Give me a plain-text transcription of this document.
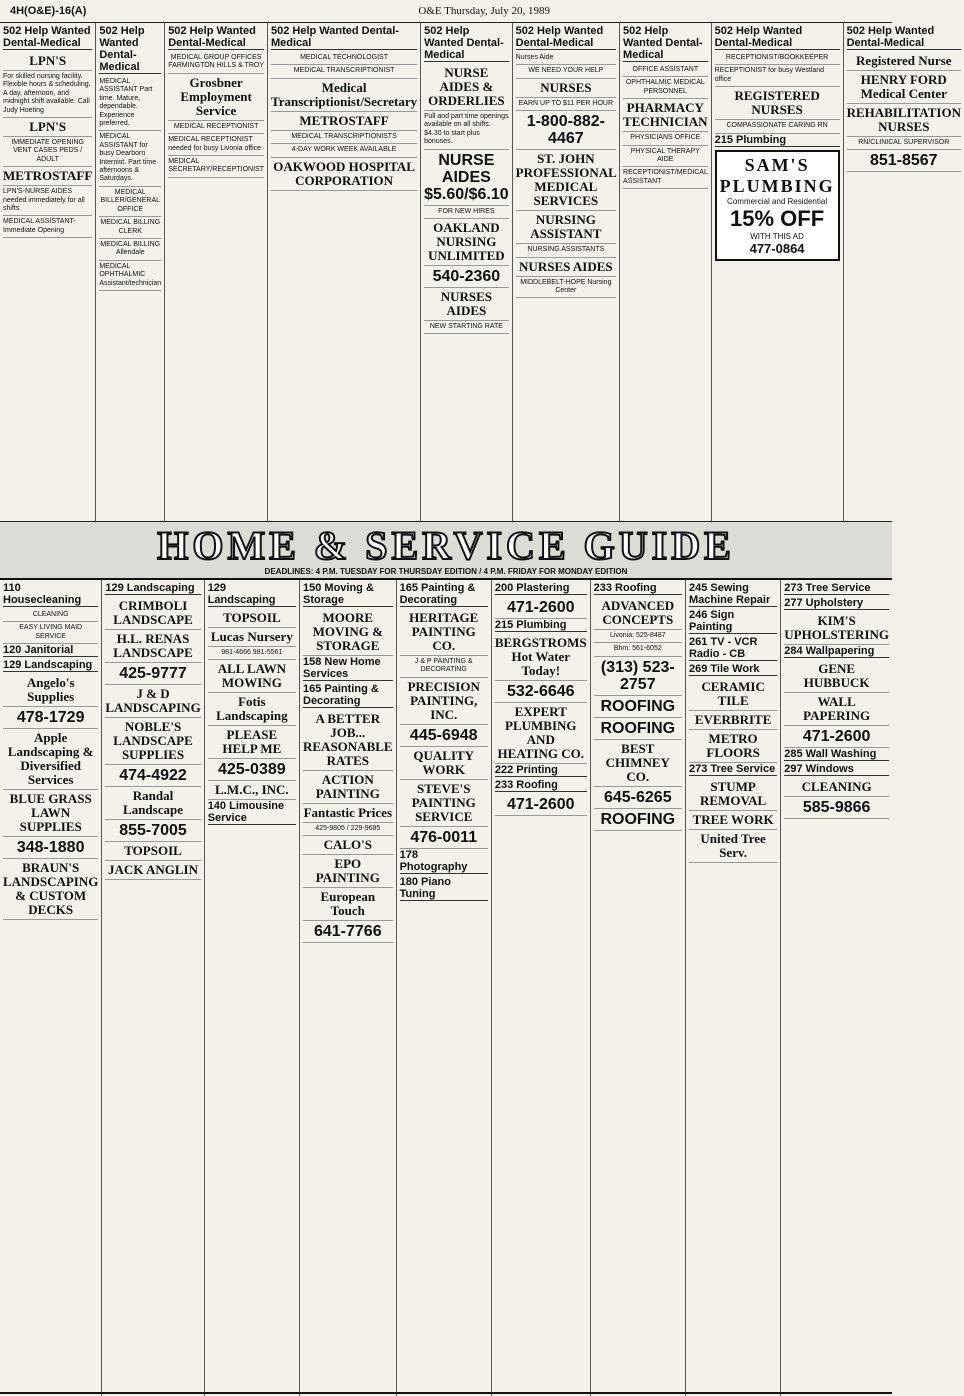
4H(O&E)-16(A)	O&E Thursday, July 20, 1989
502 Help Wanted Dental-Medical
LPN'S
For skilled nursing facility. Flexible hours & scheduling. A day, afternoon, and midnight shift available. Call Judy Hoeting
LPN'S
IMMEDIATE OPENING VENT CASES PEDS / ADULT
METROSTAFF
LPN'S-NURSE AIDES needed immediately for all shifts
MEDICAL ASSISTANT-Immediate Opening
502 Help Wanted Dental-Medical
MEDICAL ASSISTANT Part time. Mature, dependable. Experience preferred.
MEDICAL ASSISTANT for busy Dearborn Internist. Part time afternoons & Saturdays.
MEDICAL BILLER/GENERAL OFFICE
MEDICAL BILLING CLERK
MEDICAL BILLING Allendale
MEDICAL OPHTHALMIC Assistant/technician
502 Help Wanted Dental-Medical
MEDICAL GROUP OFFICES FARMINGTON HILLS & TROY
Grosbner Employment Service
MEDICAL RECEPTIONIST
MEDICAL RECEPTIONIST needed for busy Livonia office
MEDICAL SECRETARY/RECEPTIONIST
502 Help Wanted Dental-Medical
MEDICAL TECHNOLOGIST
MEDICAL TRANSCRIPTIONIST
Medical Transcriptionist/Secretary
METROSTAFF
MEDICAL TRANSCRIPTIONISTS
4-DAY WORK WEEK AVAILABLE
OAKWOOD HOSPITAL CORPORATION
502 Help Wanted Dental-Medical
NURSE AIDES & ORDERLIES
Full and part time openings available on all shifts. $4.30 to start plus bonuses.
NURSE AIDES $5.60/$6.10
FOR NEW HIRES
OAKLAND NURSING UNLIMITED
540-2360
NURSES AIDES
NEW STARTING RATE
502 Help Wanted Dental-Medical
Nurses Aide
WE NEED YOUR HELP
NURSES
EARN UP TO $11 PER HOUR
1-800-882-4467
ST. JOHN PROFESSIONAL MEDICAL SERVICES
NURSING ASSISTANT
NURSING ASSISTANTS
NURSES AIDES
MIDDLEBELT-HOPE Nursing Center
502 Help Wanted Dental-Medical
OFFICE ASSISTANT
OPHTHALMIC MEDICAL PERSONNEL
PHARMACY TECHNICIAN
PHYSICIANS OFFICE
PHYSICAL THERAPY AIDE
RECEPTIONIST/MEDICAL ASSISTANT
502 Help Wanted Dental-Medical
RECEPTIONIST/BOOKKEEPER
RECEPTIONIST for busy Westland office
REGISTERED NURSES
COMPASSIONATE CARING RN
215 Plumbing
SAM'S PLUMBING
Commercial and Residential
15% OFF
WITH THIS AD
477-0864
502 Help Wanted Dental-Medical
Registered Nurse
HENRY FORD Medical Center
REHABILITATION NURSES
RN/CLINICAL SUPERVISOR
851-8567
HOME & SERVICE GUIDE
DEADLINES: 4 P.M. TUESDAY FOR THURSDAY EDITION / 4 P.M. FRIDAY FOR MONDAY EDITION
110 Housecleaning
CLEANING
EASY LIVING MAID SERVICE
120 Janitorial
129 Landscaping
Angelo's Supplies
478-1729
Apple Landscaping & Diversified Services
BLUE GRASS LAWN SUPPLIES
348-1880
BRAUN'S LANDSCAPING & CUSTOM DECKS
129 Landscaping
CRIMBOLI LANDSCAPE
H.L. RENAS LANDSCAPE
425-9777
J & D LANDSCAPING
NOBLE'S LANDSCAPE SUPPLIES
474-4922
Randal Landscape
855-7005
TOPSOIL
JACK ANGLIN
129 Landscaping
TOPSOIL
Lucas Nursery
981-4666 981-5561
ALL LAWN MOWING
Fotis Landscaping
PLEASE HELP ME
425-0389
L.M.C., INC.
140 Limousine Service
150 Moving & Storage
MOORE MOVING & STORAGE
158 New Home Services
165 Painting & Decorating
A BETTER JOB... REASONABLE RATES
ACTION PAINTING
Fantastic Prices
425-9805 / 229-9685
CALO'S
EPO PAINTING
European Touch
641-7766
165 Painting & Decorating
HERITAGE PAINTING CO.
J & P PAINTING & DECORATING
PRECISION PAINTING, INC.
445-6948
QUALITY WORK
STEVE'S PAINTING SERVICE
476-0011
178 Photography
180 Piano Tuning
200 Plastering
471-2600
215 Plumbing
BERGSTROMS Hot Water Today!
532-6646
EXPERT PLUMBING AND HEATING CO.
222 Printing
233 Roofing
471-2600
233 Roofing
ADVANCED CONCEPTS
Livonia: 525-8487
Bhm: 561-6052
(313) 523-2757
ROOFING
ROOFING
BEST CHIMNEY CO.
645-6265
ROOFING
245 Sewing Machine Repair
246 Sign Painting
261 TV - VCR Radio - CB
269 Tile Work
CERAMIC TILE
EVERBRITE
METRO FLOORS
273 Tree Service
STUMP REMOVAL
TREE WORK
United Tree Serv.
273 Tree Service
277 Upholstery
KIM'S UPHOLSTERING
284 Wallpapering
GENE HUBBUCK
WALL PAPERING
471-2600
285 Wall Washing
297 Windows
CLEANING
585-9866
